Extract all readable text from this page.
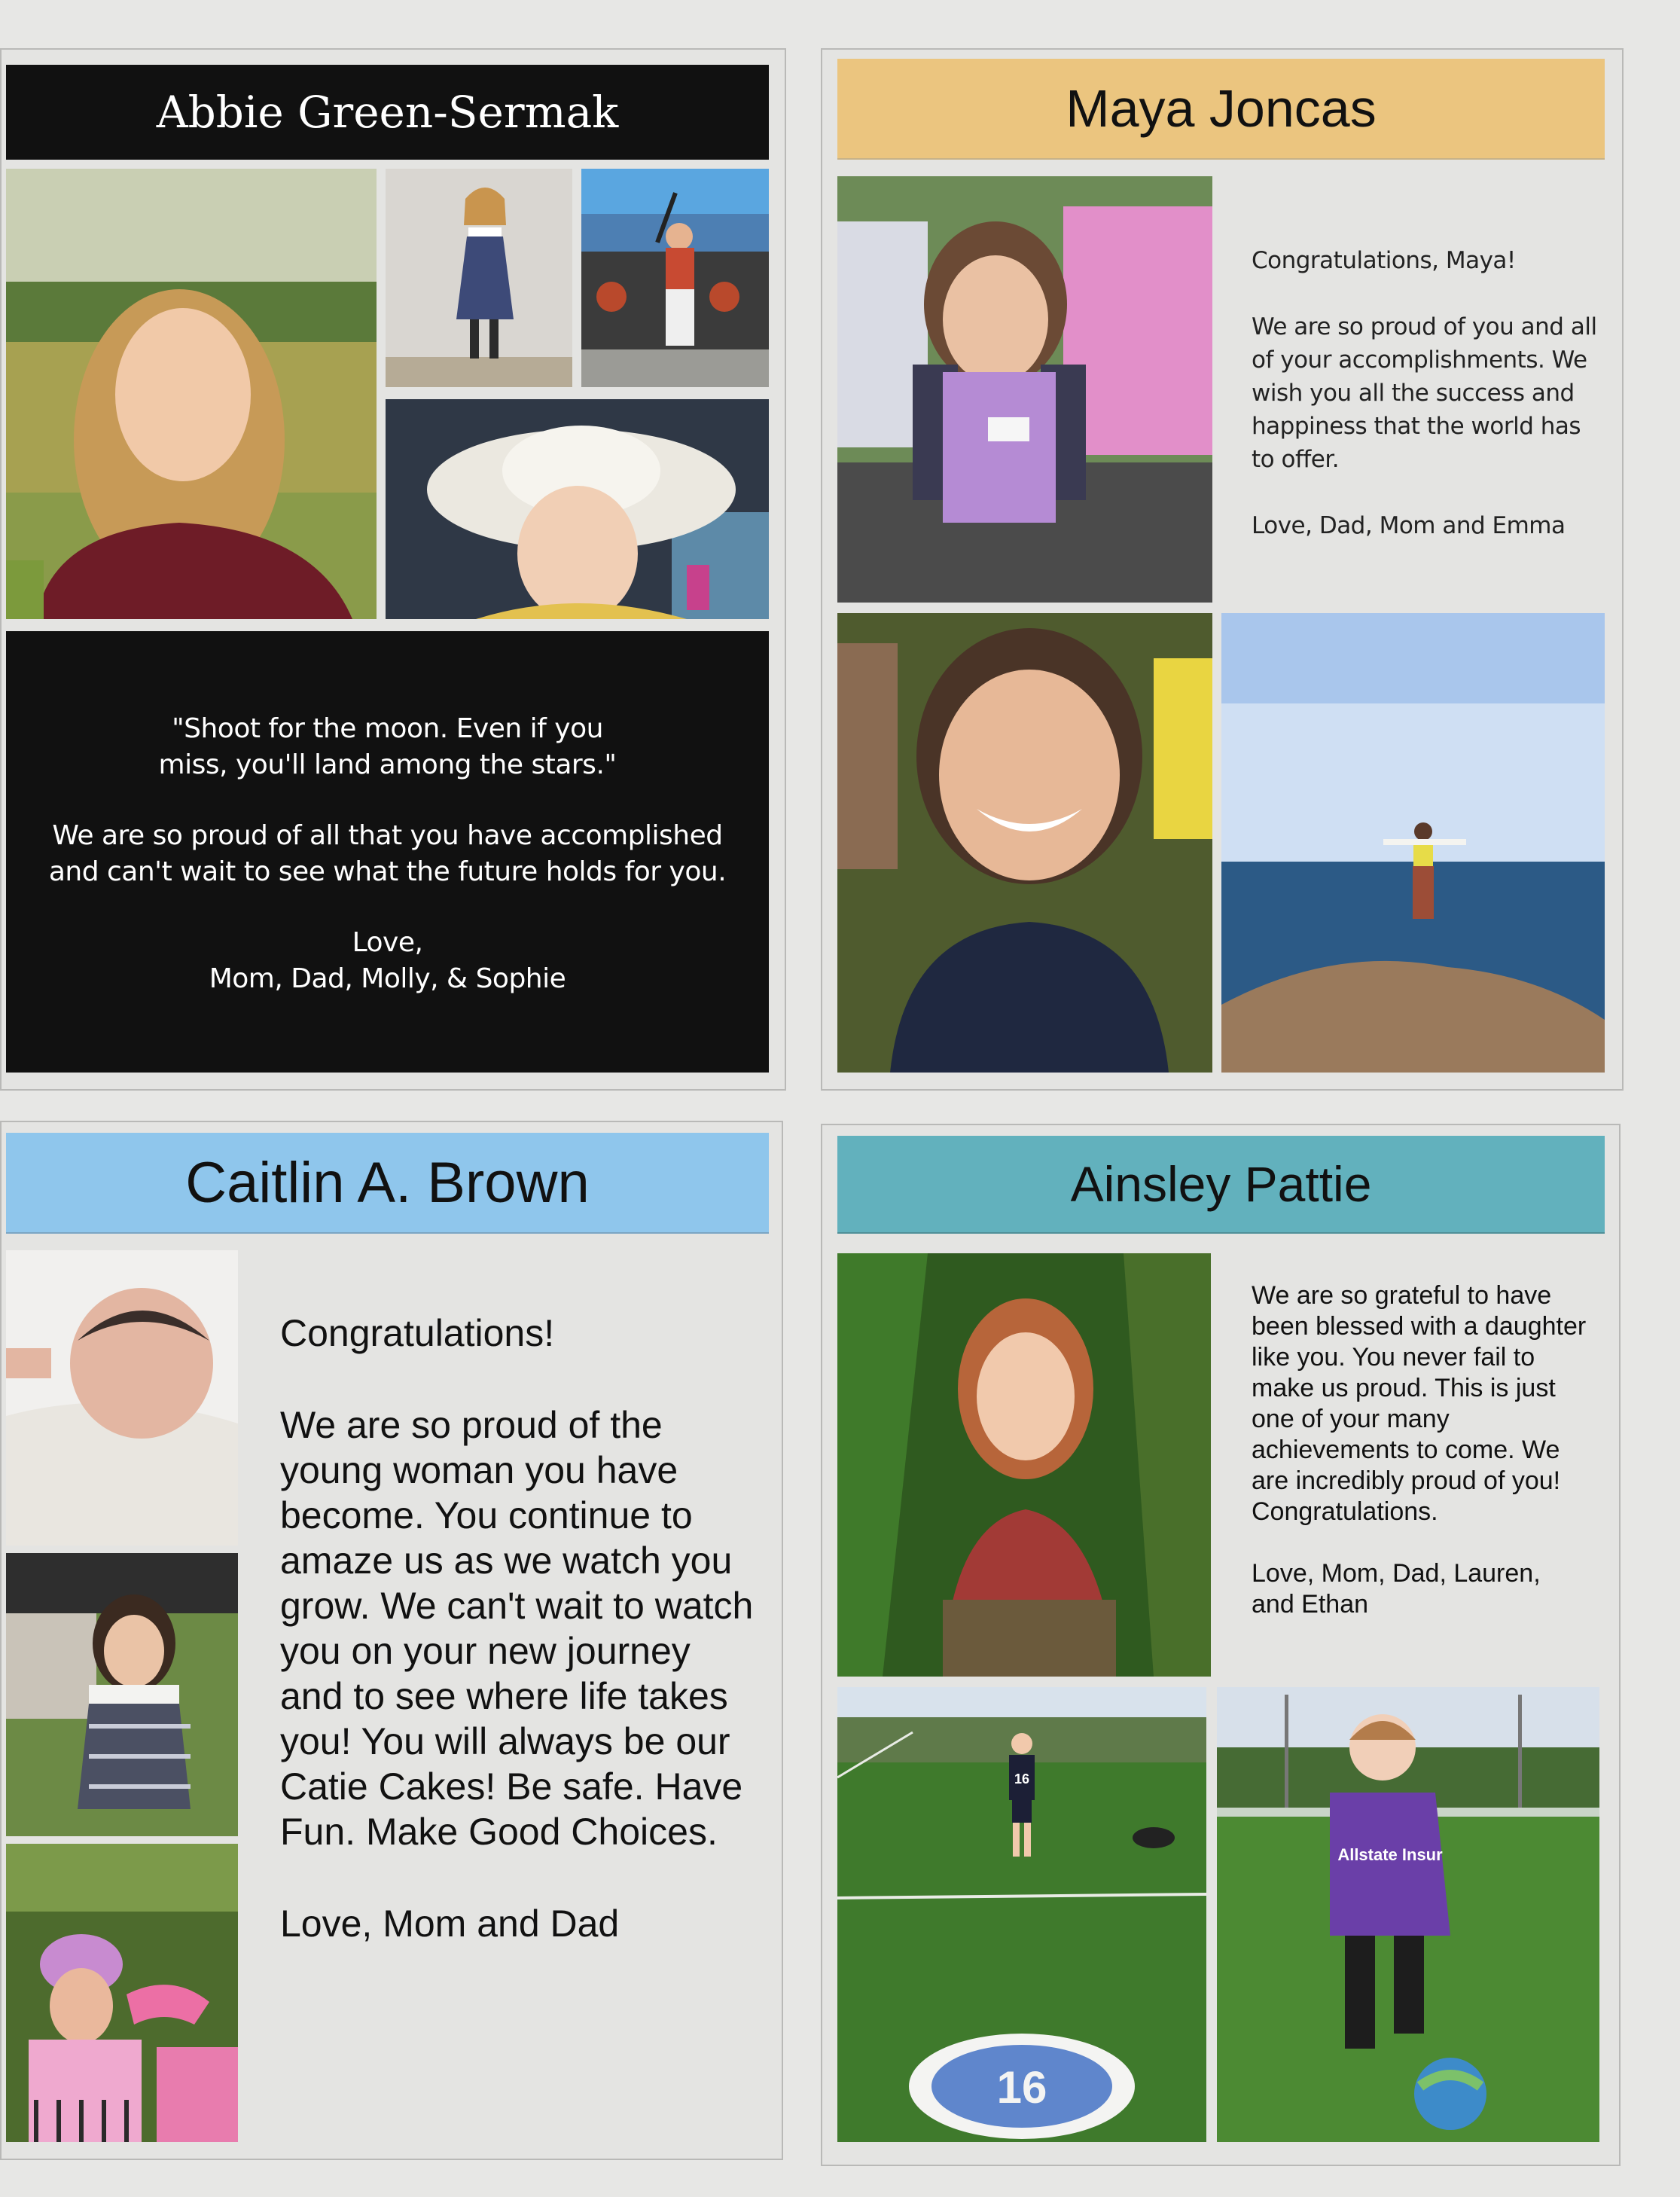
Abbie Green-Sermak

"Shoot for the moon. Even if you miss, you'll land among the stars."

We are so proud of all that you have accomplished and can't wait to see what the future holds for you.

Love,

Mom, Dad, Molly, & Sophie

Maya Joncas

Congratulations, Maya!

We are so proud of you and all of your accomplishments. We wish you all the success and happiness that the world has to offer.

Love, Dad, Mom and Emma

Caitlin A. Brown

Congratulations!

We are so proud of the young woman you have become. You continue to amaze us as we watch you grow. We can't wait to watch you on your new journey and to see where life takes you! You will always be our Catie Cakes! Be safe. Have Fun. Make Good Choices.

Love, Mom and Dad

Ainsley Pattie

We are so grateful to have been blessed with a daughter like you. You never fail to make us proud. This is just one of your many achievements to come. We are incredibly proud of you! Congratulations.

Love, Mom, Dad, Lauren, and Ethan

16
16
Allstate Insur
